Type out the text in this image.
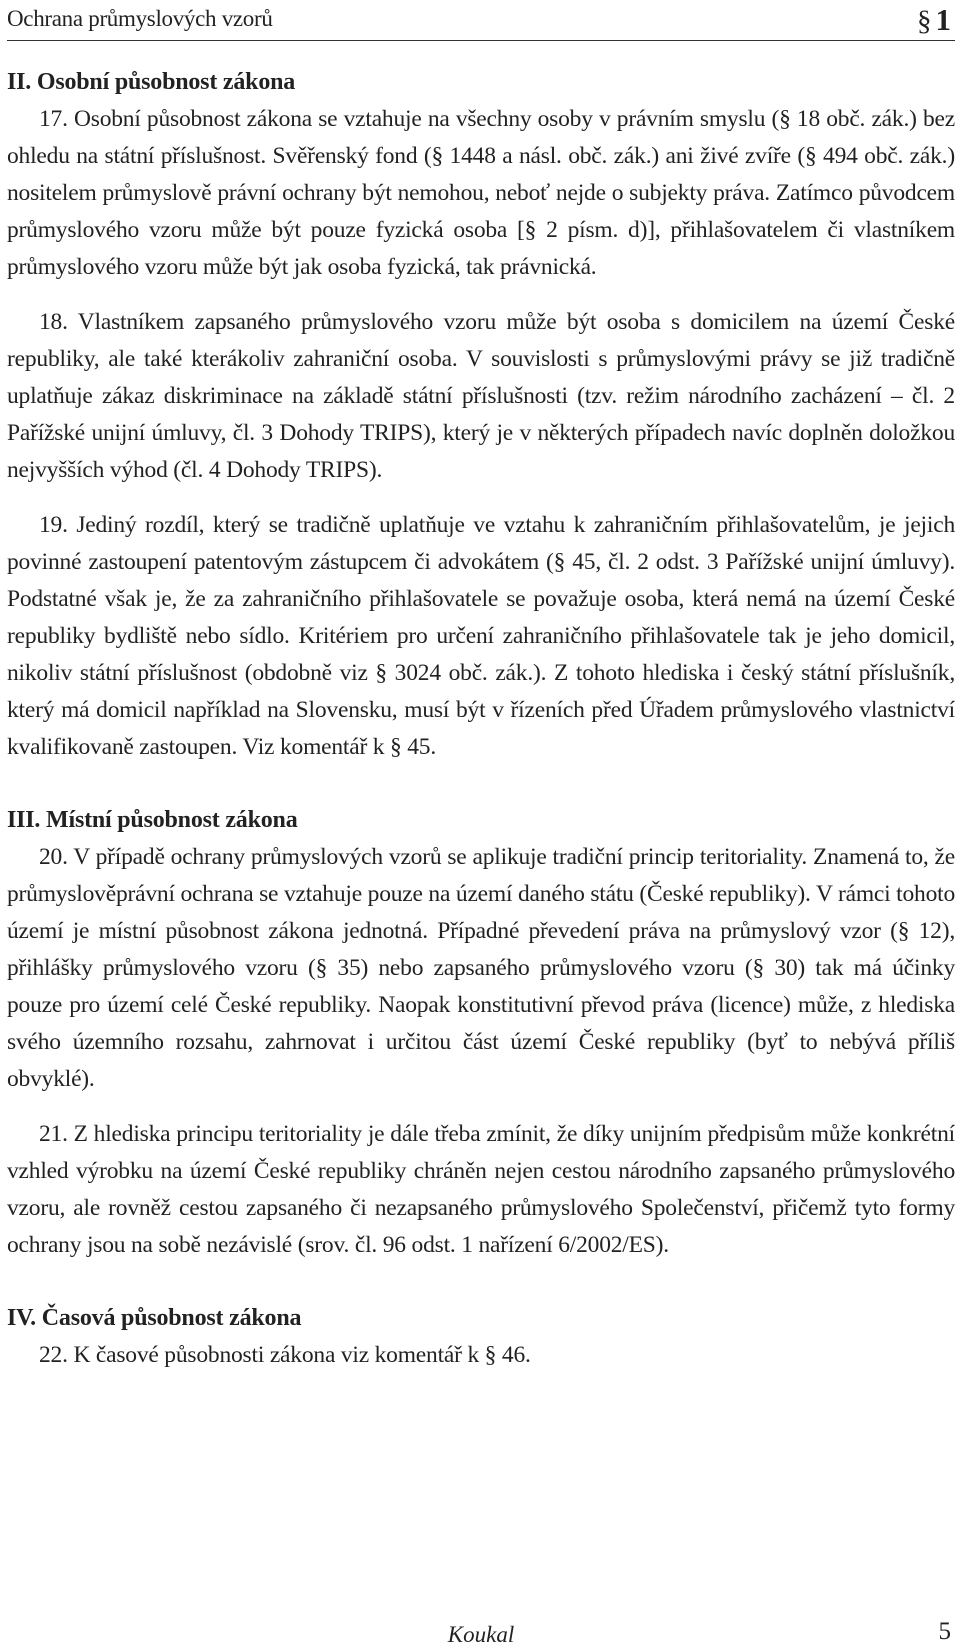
Ochrana průmyslových vzorů	§ 1
II. Osobní působnost zákona

17. Osobní působnost zákona se vztahuje na všechny osoby v právním smyslu (§ 18 obč. zák.) bez ohledu na státní příslušnost. Svěřenský fond (§ 1448 a násl. obč. zák.) ani živé zvíře (§ 494 obč. zák.) nositelem průmyslově právní ochrany být nemohou, neboť nejde o subjekty práva. Zatímco původcem průmyslového vzoru může být pouze fyzická osoba [§ 2 písm. d)], přihlašovatelem či vlastníkem průmyslového vzoru může být jak osoba fyzická, tak právnická.

18. Vlastníkem zapsaného průmyslového vzoru může být osoba s domicilem na území České republiky, ale také kterákoliv zahraniční osoba. V souvislosti s průmyslovými právy se již tradičně uplatňuje zákaz diskriminace na základě státní příslušnosti (tzv. režim národního zacházení – čl. 2 Pařížské unijní úmluvy, čl. 3 Dohody TRIPS), který je v některých případech navíc doplněn doložkou nejvyšších výhod (čl. 4 Dohody TRIPS).

19. Jediný rozdíl, který se tradičně uplatňuje ve vztahu k zahraničním přihlašovatelům, je jejich povinné zastoupení patentovým zástupcem či advokátem (§ 45, čl. 2 odst. 3 Pařížské unijní úmluvy). Podstatné však je, že za zahraničního přihlašovatele se považuje osoba, která nemá na území České republiky bydliště nebo sídlo. Kritériem pro určení zahraničního přihlašovatele tak je jeho domicil, nikoliv státní příslušnost (obdobně viz § 3024 obč. zák.). Z tohoto hlediska i český státní příslušník, který má domicil například na Slovensku, musí být v řízeních před Úřadem průmyslového vlastnictví kvalifikovaně zastoupen. Viz komentář k § 45.

III. Místní působnost zákona

20. V případě ochrany průmyslových vzorů se aplikuje tradiční princip teritoriality. Znamená to, že průmyslověprávní ochrana se vztahuje pouze na území daného státu (České republiky). V rámci tohoto území je místní působnost zákona jednotná. Případné převedení práva na průmyslový vzor (§ 12), přihlášky průmyslového vzoru (§ 35) nebo zapsaného průmyslového vzoru (§ 30) tak má účinky pouze pro území celé České republiky. Naopak konstitutivní převod práva (licence) může, z hlediska svého územního rozsahu, zahrnovat i určitou část území České republiky (byť to nebývá příliš obvyklé).

21. Z hlediska principu teritoriality je dále třeba zmínit, že díky unijním předpisům může konkrétní vzhled výrobku na území České republiky chráněn nejen cestou národního zapsaného průmyslového vzoru, ale rovněž cestou zapsaného či nezapsaného průmyslového Společenství, přičemž tyto formy ochrany jsou na sobě nezávislé (srov. čl. 96 odst. 1 nařízení 6/2002/ES).

IV. Časová působnost zákona

22. K časové působnosti zákona viz komentář k § 46.

Koukal	5
